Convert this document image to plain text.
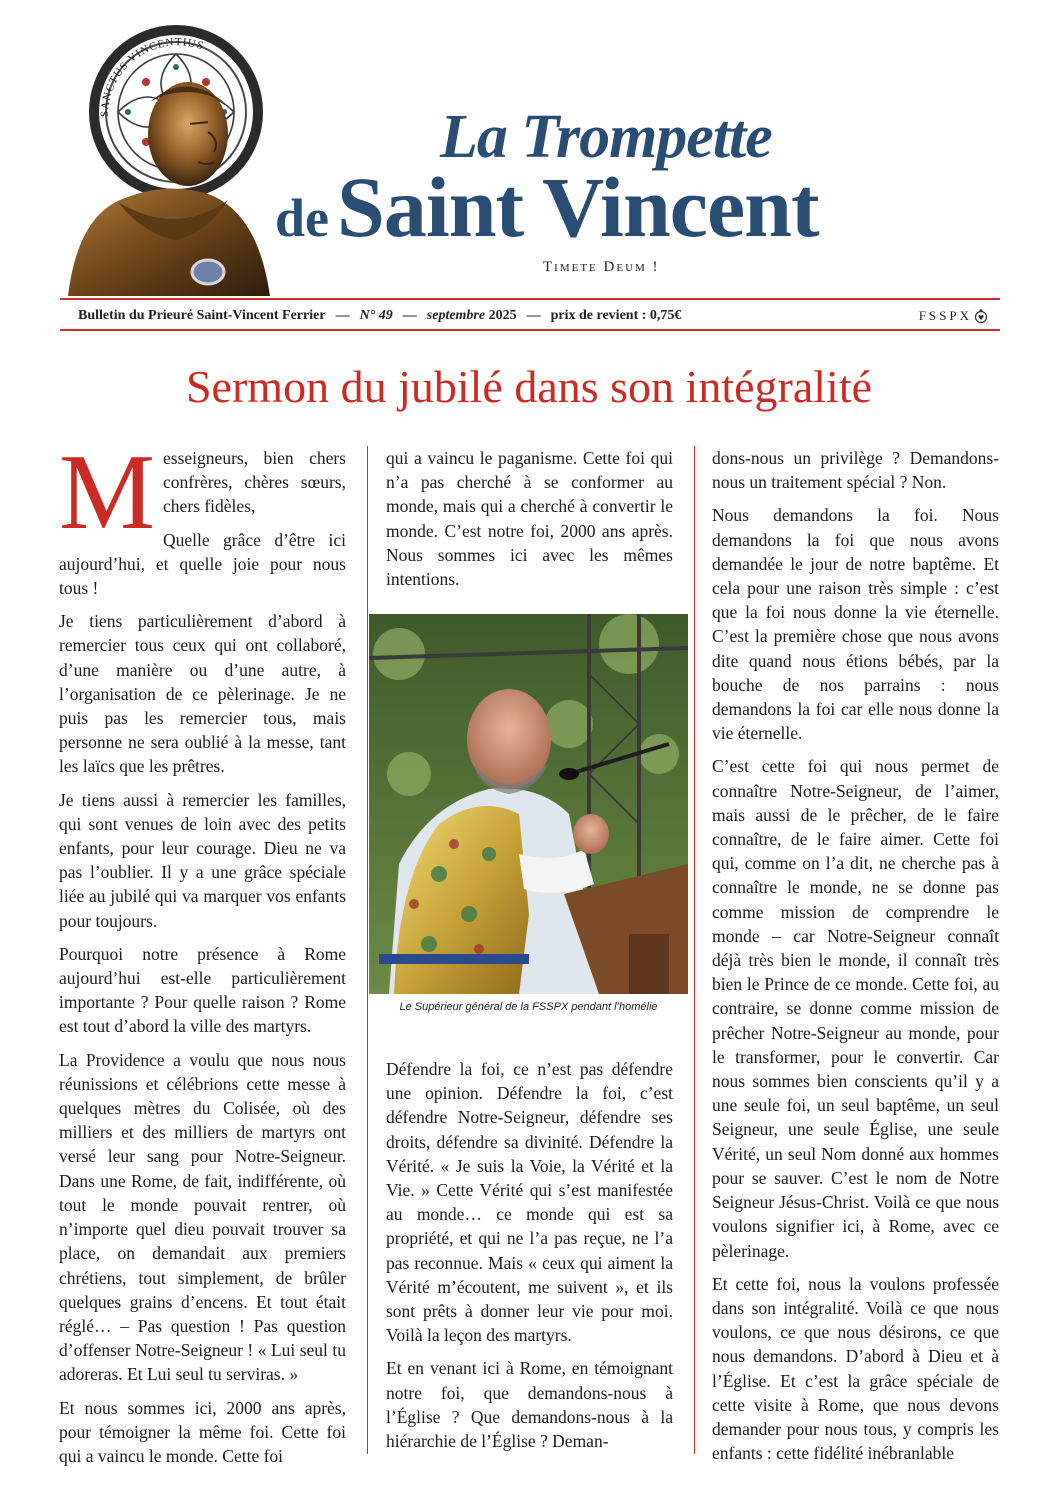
SANCTUS VINCENTIUS
La Trompette
deSaint Vincent
Timete Deum !
Bulletin du Prieuré Saint-Vincent Ferrier — N° 49 — septembre
2025 — prix de revient :
0,75€	FSSPX
Sermon du jubilé dans son intégralité

Messeigneurs, bien chers confrères, chères sœurs, chers fidèles,

Quelle grâce d’être ici aujourd’hui, et quelle joie pour nous tous !

Je tiens particulièrement d’abord à remercier tous ceux qui ont collaboré, d’une manière ou d’une autre, à l’organisation de ce pèlerinage. Je ne puis pas les remercier tous, mais personne ne sera oublié à la messe, tant les laïcs que les prêtres.

Je tiens aussi à remercier les familles, qui sont venues de loin avec des petits enfants, pour leur courage. Dieu ne va pas l’oublier. Il y a une grâce spéciale liée au jubilé qui va marquer vos enfants pour toujours.

Pourquoi notre présence à Rome aujourd’hui est-elle particulièrement importante ? Pour quelle raison ? Rome est tout d’abord la ville des martyrs.

La Providence a voulu que nous nous réunissions et célébrions cette messe à quelques mètres du Colisée, où des milliers et des milliers de martyrs ont versé leur sang pour Notre-Seigneur. Dans une Rome, de fait, indifférente, où tout le monde pouvait rentrer, où n’importe quel dieu pouvait trouver sa place, on demandait aux premiers chrétiens, tout simplement, de brûler quelques grains d’encens. Et tout était réglé… – Pas question ! Pas question d’offenser Notre-Seigneur ! « Lui seul tu adoreras. Et Lui seul tu serviras. »

Et nous sommes ici, 2000 ans après, pour témoigner la même foi. Cette foi qui a vaincu le monde. Cette foi

qui a vaincu le paganisme. Cette foi qui n’a pas cherché à se conformer au monde, mais qui a cherché à convertir le monde. C’est notre foi, 2000 ans après. Nous sommes ici avec les mêmes intentions.

Le Supérieur général de la FSSPX pendant l’homélie

Défendre la foi, ce n’est pas défendre une opinion. Défendre la foi, c’est défendre Notre-Seigneur, défendre ses droits, défendre sa divinité. Défendre la Vérité. « Je suis la Voie, la Vérité et la Vie. » Cette Vérité qui s’est manifestée au monde… ce monde qui est sa propriété, et qui ne l’a pas reçue, ne l’a pas reconnue. Mais « ceux qui aiment la Vérité m’écoutent, me suivent », et ils sont prêts à donner leur vie pour moi. Voilà la leçon des martyrs.

Et en venant ici à Rome, en témoignant notre foi, que demandons-nous à l’Église ? Que demandons-nous à la hiérarchie de l’Église ? Deman-

dons-nous un privilège ? Demandons-nous un traitement spécial ? Non.

Nous demandons la foi. Nous demandons la foi que nous avons demandée le jour de notre baptême. Et cela pour une raison très simple : c’est que la foi nous donne la vie éternelle. C’est la première chose que nous avons dite quand nous étions bébés, par la bouche de nos parrains : nous demandons la foi car elle nous donne la vie éternelle.

C’est cette foi qui nous permet de connaître Notre-Seigneur, de l’aimer, mais aussi de le prêcher, de le faire connaître, de le faire aimer. Cette foi qui, comme on l’a dit, ne cherche pas à connaître le monde, ne se donne pas comme mission de comprendre le monde – car Notre-Seigneur connaît déjà très bien le monde, il connaît très bien le Prince de ce monde. Cette foi, au contraire, se donne comme mission de prêcher Notre-Seigneur au monde, pour le transformer, pour le convertir. Car nous sommes bien conscients qu’il y a une seule foi, un seul baptême, un seul Seigneur, une seule Église, une seule Vérité, un seul Nom donné aux hommes pour se sauver. C’est le nom de Notre Seigneur Jésus-Christ. Voilà ce que nous voulons signifier ici, à Rome, avec ce pèlerinage.

Et cette foi, nous la voulons professée dans son intégralité. Voilà ce que nous voulons, ce que nous désirons, ce que nous demandons. D’abord à Dieu et à l’Église. Et c’est la grâce spéciale de cette visite à Rome, que nous devons demander pour nous tous, y compris les enfants : cette fidélité inébranlable
